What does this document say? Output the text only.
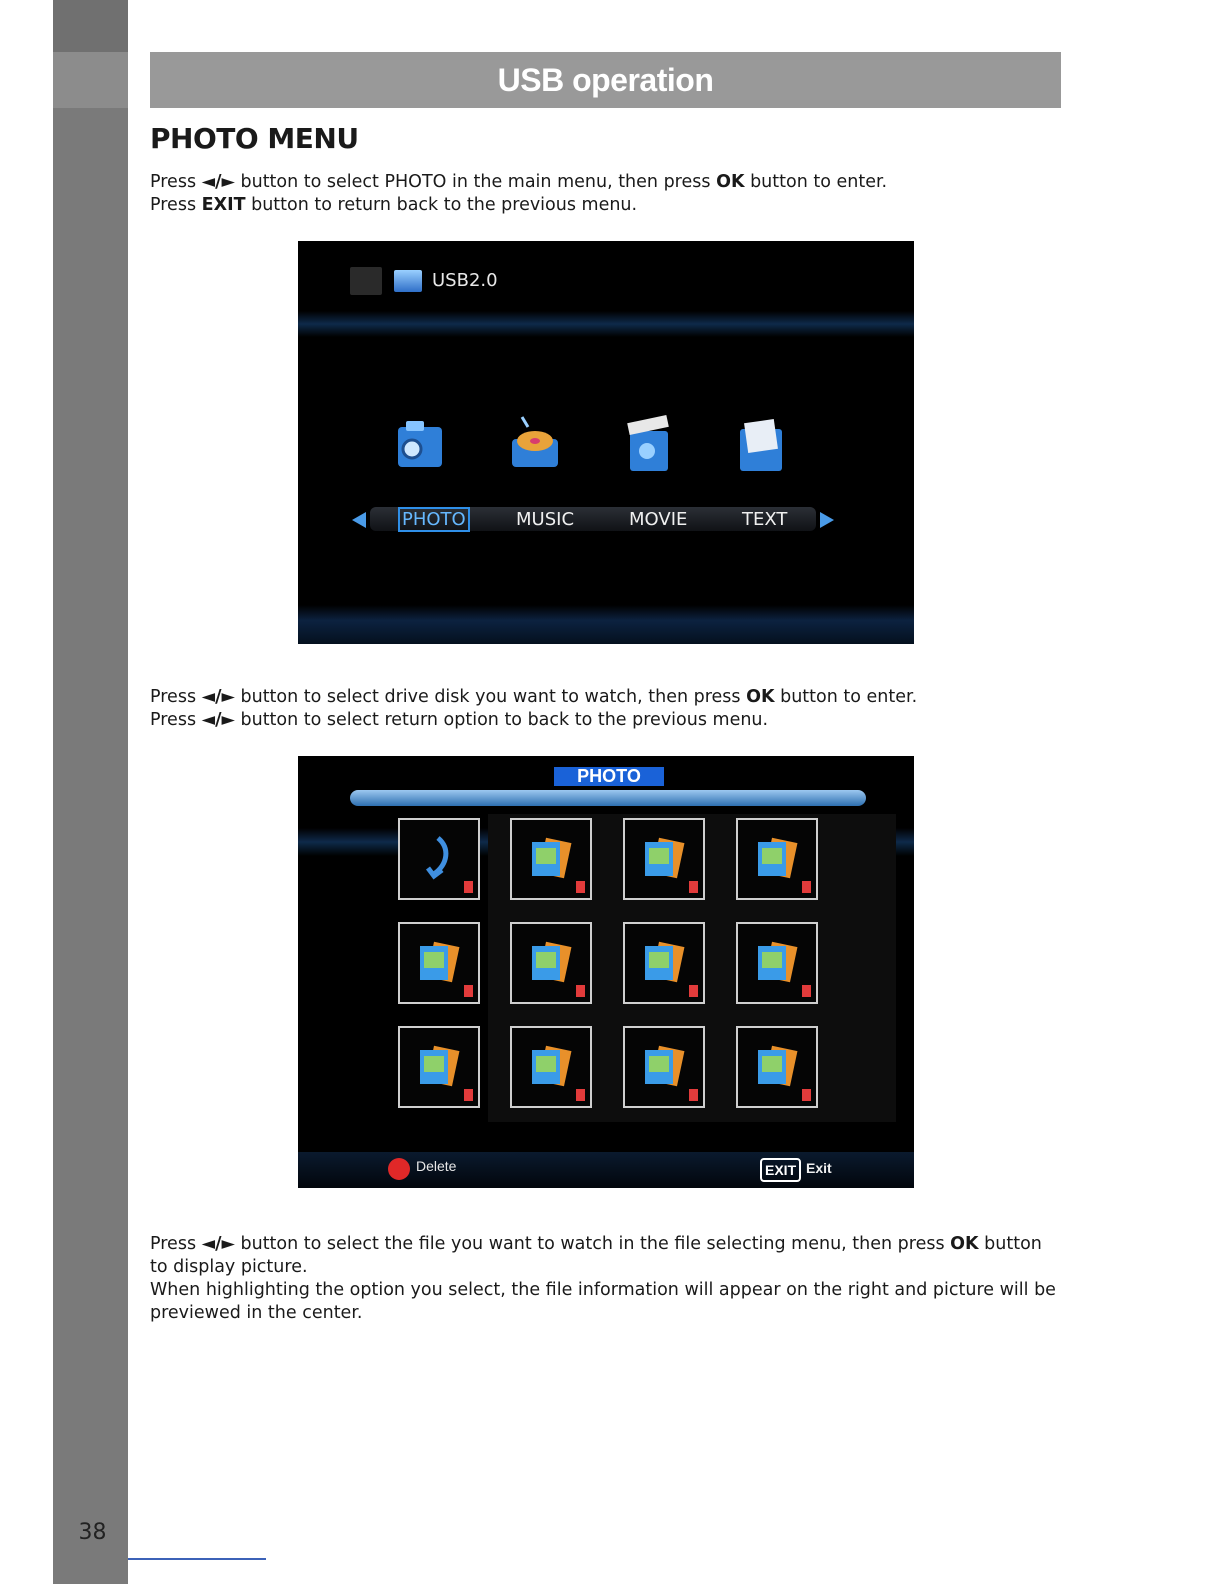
EN
38
USB operation
PHOTO MENU
Press ◄/► button to select PHOTO in the main menu, then press OK button to enter.
Press EXIT button to return back to the previous menu.
Press ◄/► button to select drive disk you want to watch, then press OK button to enter.
Press ◄/► button to select return option to back to the previous menu.
Press ◄/► button to select the file you want to watch in the file selecting menu, then press OK button
to display picture.
When highlighting the option you select, the file information will appear on the right and picture will be
previewed in the center.
USB2.0
PHOTO	MUSIC	MOVIE	TEXT
PHOTO
Delete	EXIT Exit
